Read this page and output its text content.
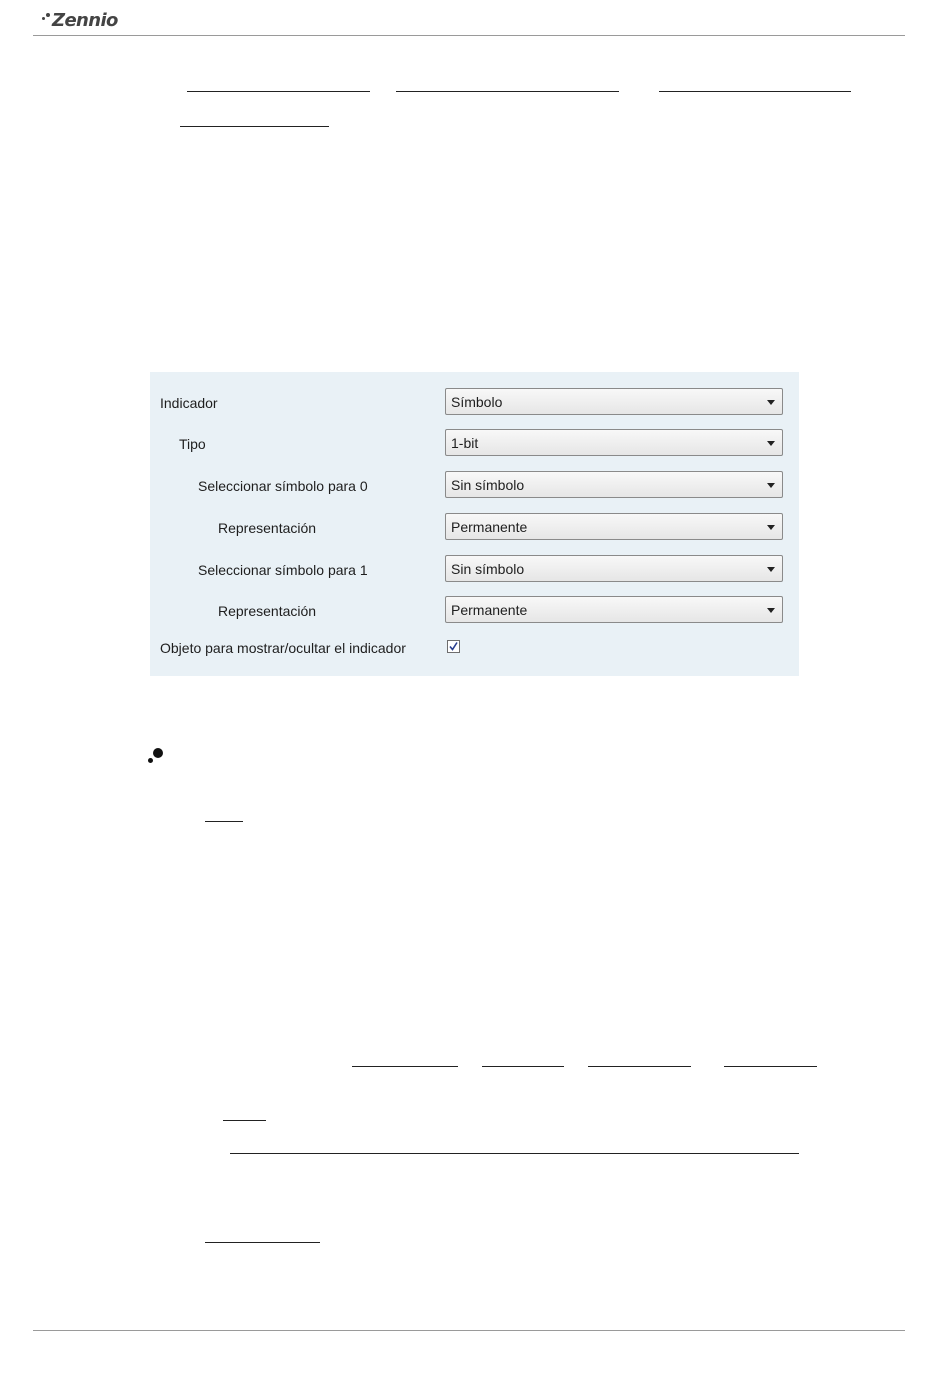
Zennio
Indicador	Símbolo
Tipo	1-bit
Seleccionar símbolo para 0	Sin símbolo
Representación	Permanente
Seleccionar símbolo para 1	Sin símbolo
Representación	Permanente
Objeto para mostrar/ocultar el indicador
